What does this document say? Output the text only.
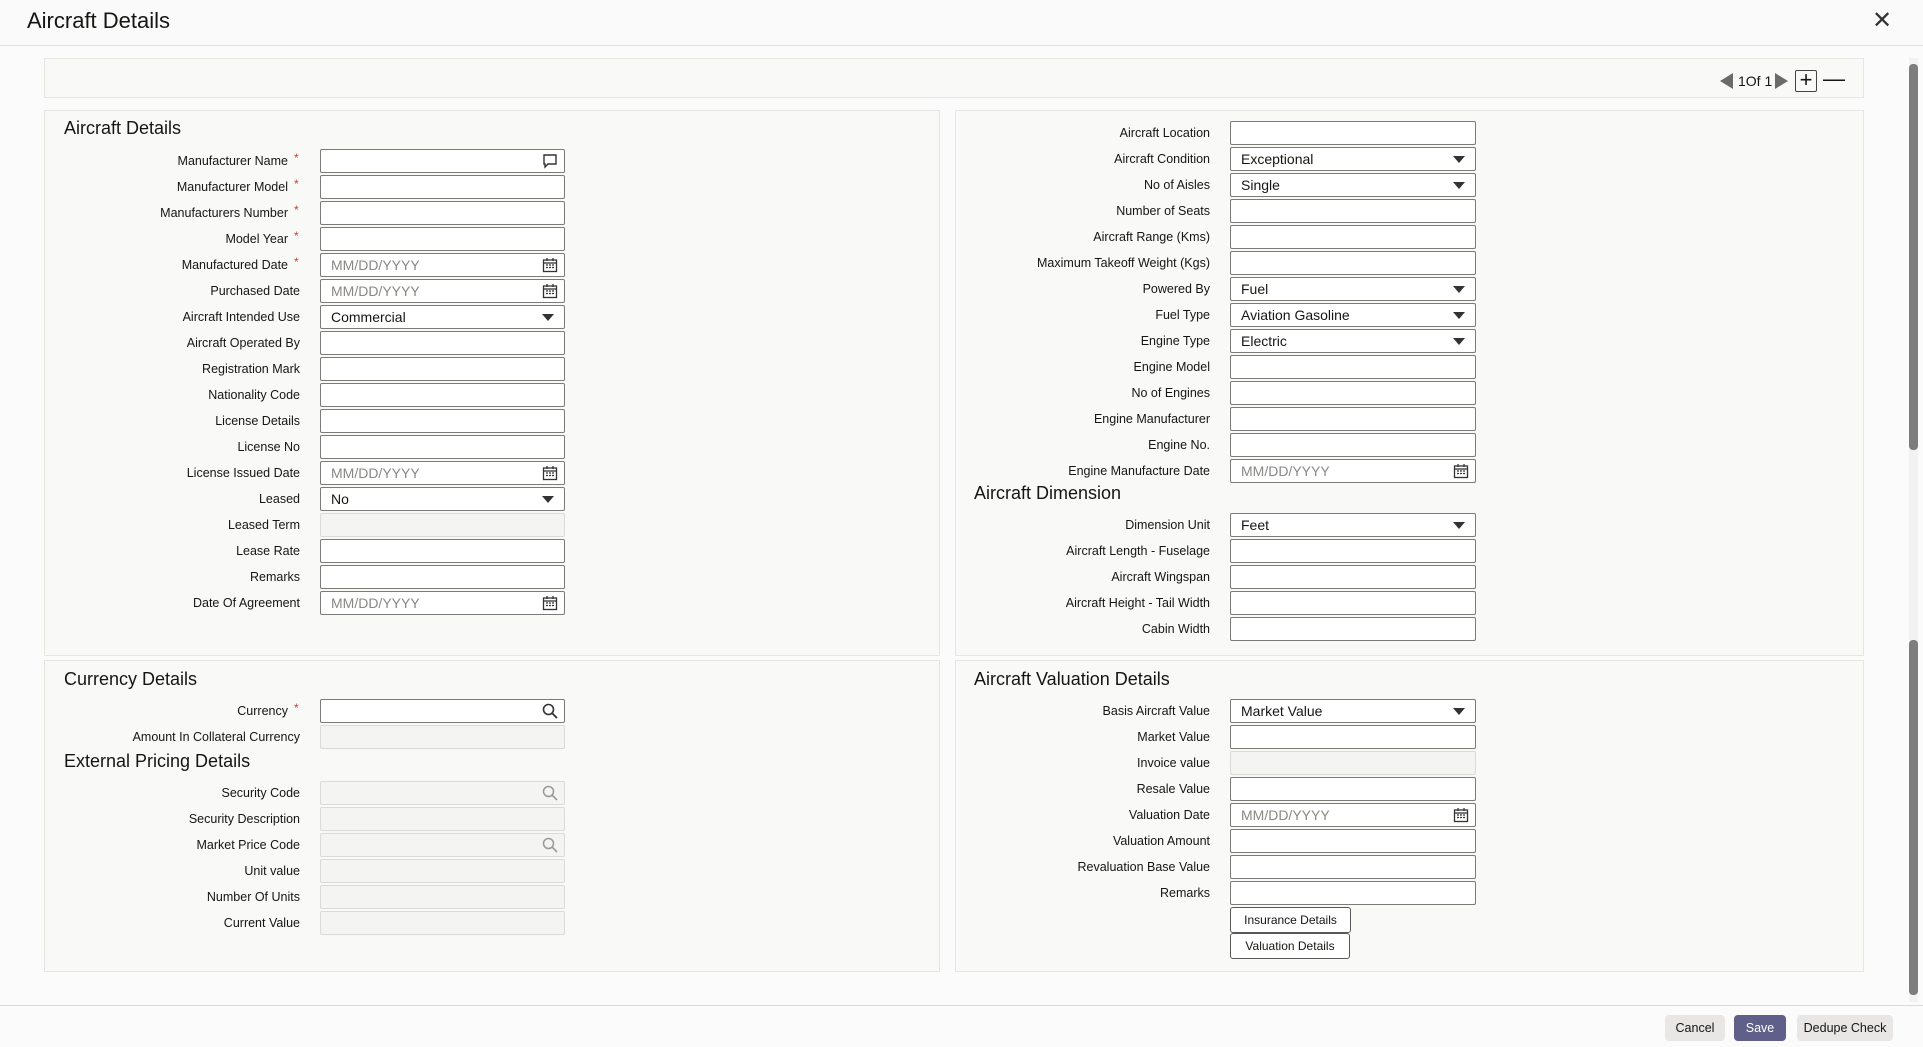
Aircraft Details	✕
1Of 1 + —
Aircraft Details
Manufacturer Name *
Manufacturer Model *
Manufacturers Number *
Model Year *
Manufactured Date *	MM/DD/YYYY
Purchased Date	MM/DD/YYYY
Aircraft Intended Use	Commercial
Aircraft Operated By
Registration Mark
Nationality Code
License Details
License No
License Issued Date	MM/DD/YYYY
Leased	No
Leased Term
Lease Rate
Remarks
Date Of Agreement	MM/DD/YYYY
Aircraft Location
Aircraft Condition	Exceptional
No of Aisles	Single
Number of Seats
Aircraft Range (Kms)
Maximum Takeoff Weight (Kgs)
Powered By	Fuel
Fuel Type	Aviation Gasoline
Engine Type	Electric
Engine Model
No of Engines
Engine Manufacturer
Engine No.
Engine Manufacture Date	MM/DD/YYYY
Aircraft Dimension
Dimension Unit	Feet
Aircraft Length - Fuselage
Aircraft Wingspan
Aircraft Height - Tail Width
Cabin Width
Currency Details
Currency *
Amount In Collateral Currency
External Pricing Details
Security Code
Security Description
Market Price Code
Unit value
Number Of Units
Current Value
Aircraft Valuation Details
Basis Aircraft Value	Market Value
Market Value
Invoice value
Resale Value
Valuation Date	MM/DD/YYYY
Valuation Amount
Revaluation Base Value
Remarks
Insurance Details
Valuation Details
Cancel	Save	Dedupe Check
